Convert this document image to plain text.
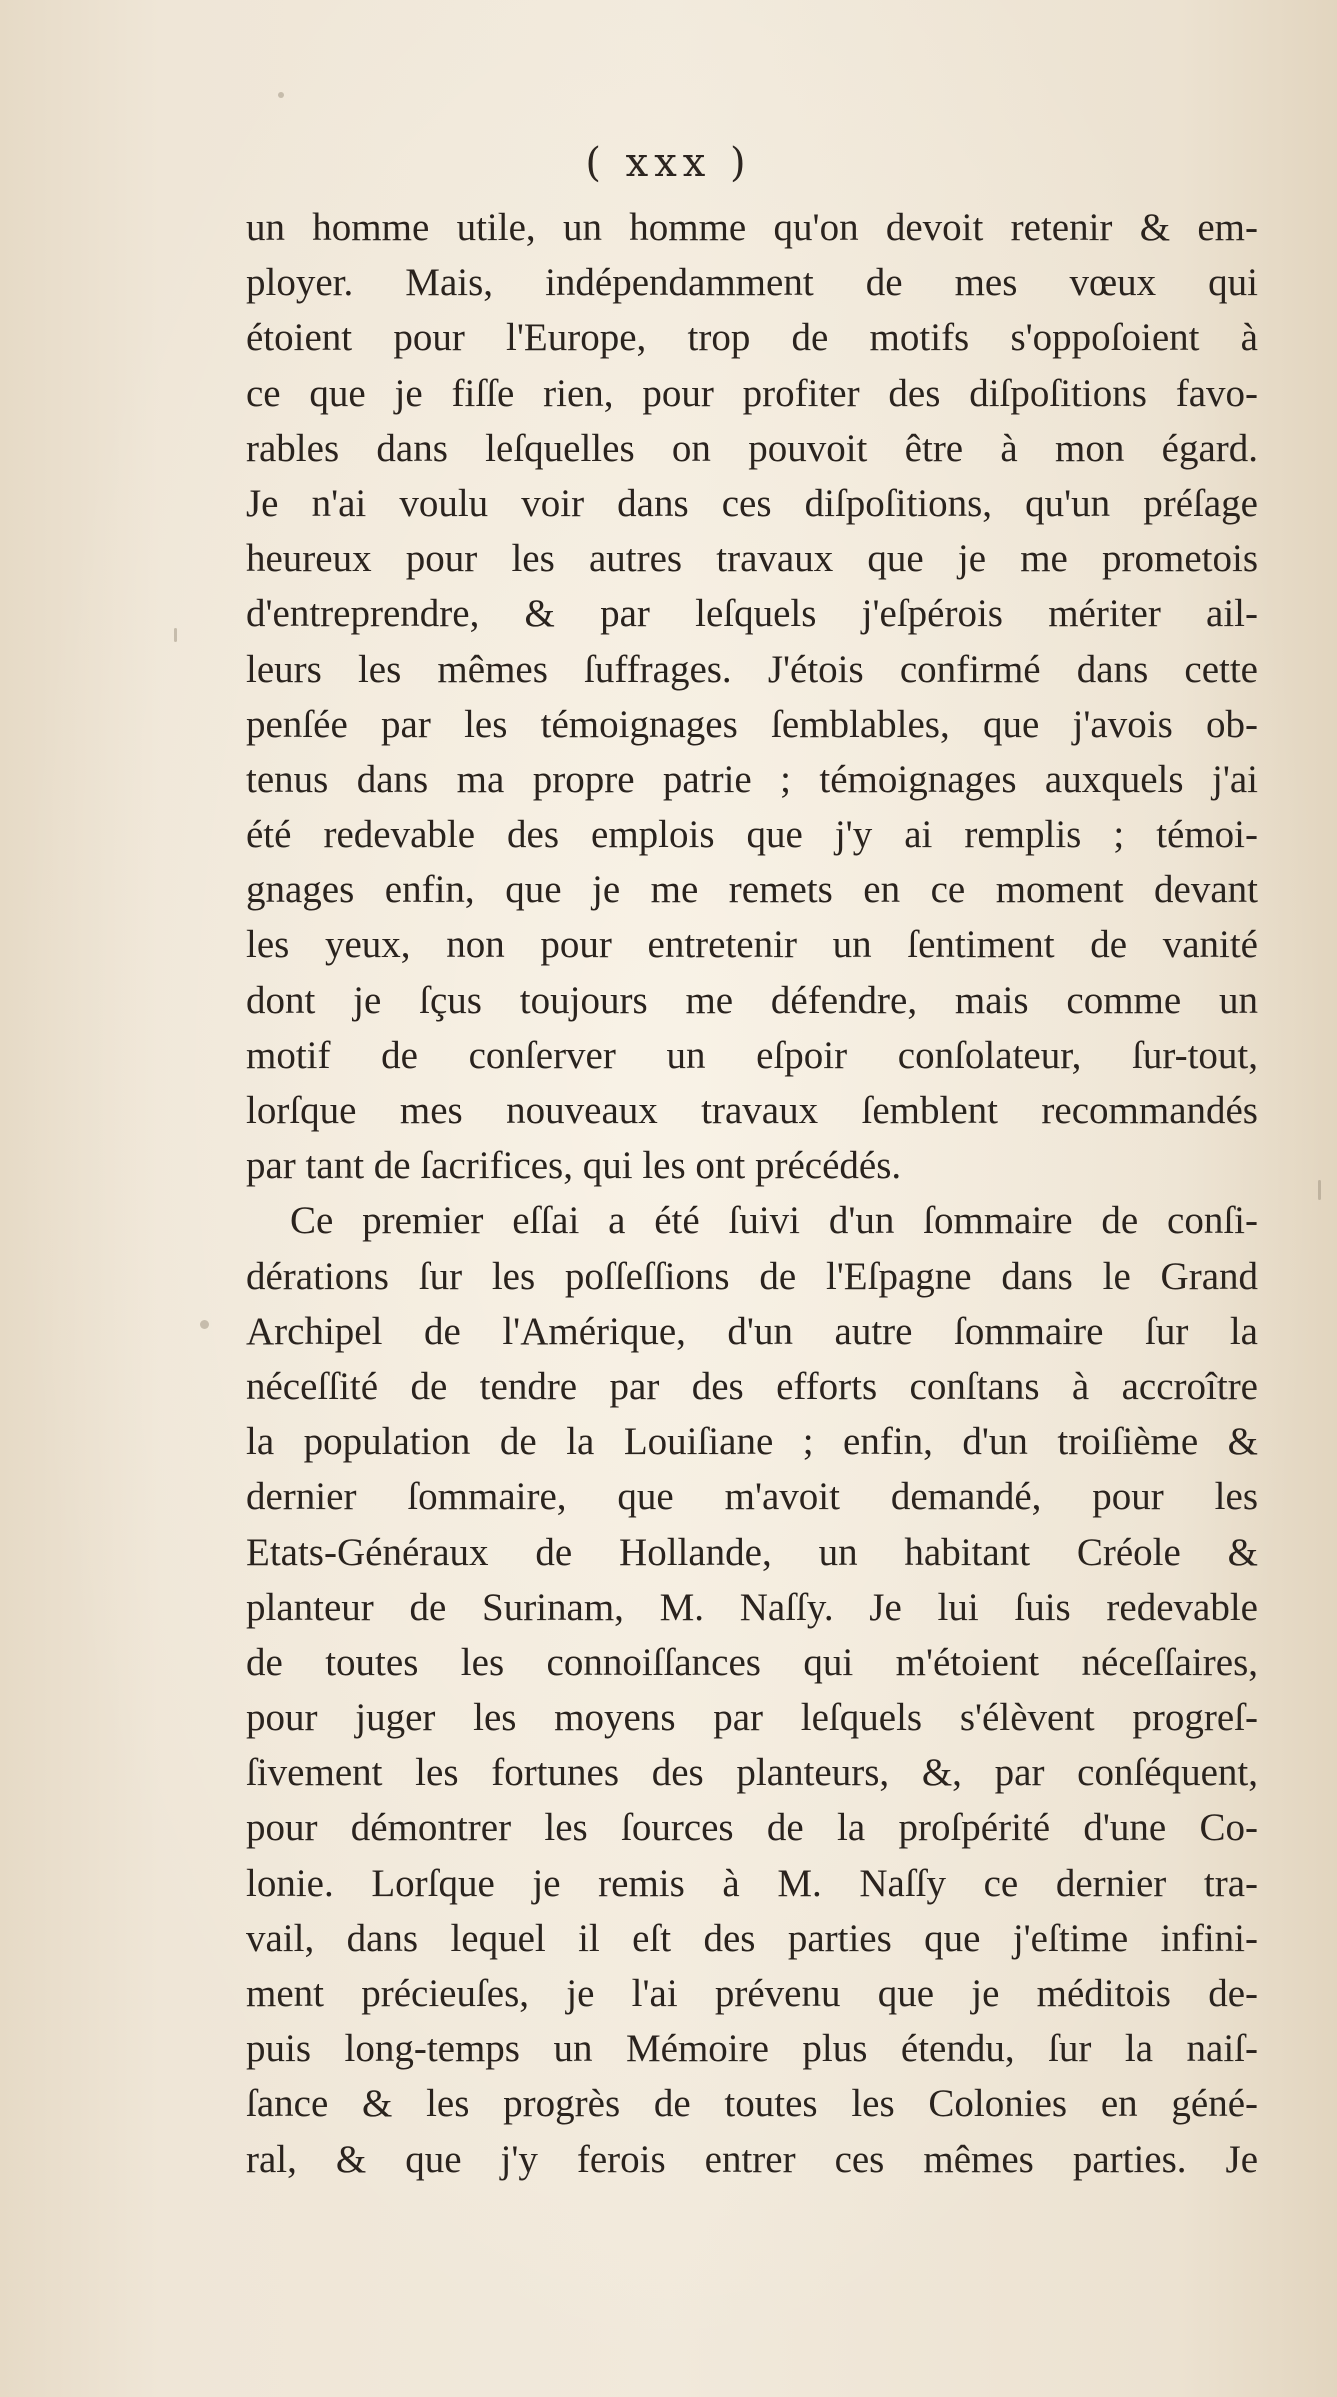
( xxx )
un homme utile, un homme qu'on devoit retenir & em-
ployer. Mais, indépendamment de mes vœux qui
étoient pour l'Europe, trop de motifs s'oppoſoient à
ce que je fiſſe rien, pour profiter des diſpoſitions favo-
rables dans leſquelles on pouvoit être à mon égard.
Je n'ai voulu voir dans ces diſpoſitions, qu'un préſage
heureux pour les autres travaux que je me prometois
d'entreprendre, & par leſquels j'eſpérois mériter ail-
leurs les mêmes ſuffrages. J'étois confirmé dans cette
penſée par les témoignages ſemblables, que j'avois ob-
tenus dans ma propre patrie ; témoignages auxquels j'ai
été redevable des emplois que j'y ai remplis ; témoi-
gnages enfin, que je me remets en ce moment devant
les yeux, non pour entretenir un ſentiment de vanité
dont je ſçus toujours me défendre, mais comme un
motif de conſerver un eſpoir conſolateur, ſur-tout,
lorſque mes nouveaux travaux ſemblent recommandés
par tant de ſacrifices, qui les ont précédés.
Ce premier eſſai a été ſuivi d'un ſommaire de conſi-
dérations ſur les poſſeſſions de l'Eſpagne dans le Grand
Archipel de l'Amérique, d'un autre ſommaire ſur la
néceſſité de tendre par des efforts conſtans à accroître
la population de la Louiſiane ; enfin, d'un troiſième &
dernier ſommaire, que m'avoit demandé, pour les
Etats-Généraux de Hollande, un habitant Créole &
planteur de Surinam, M. Naſſy. Je lui ſuis redevable
de toutes les connoiſſances qui m'étoient néceſſaires,
pour juger les moyens par leſquels s'élèvent progreſ-
ſivement les fortunes des planteurs, &, par conſéquent,
pour démontrer les ſources de la proſpérité d'une Co-
lonie. Lorſque je remis à M. Naſſy ce dernier tra-
vail, dans lequel il eſt des parties que j'eſtime infini-
ment précieuſes, je l'ai prévenu que je méditois de-
puis long-temps un Mémoire plus étendu, ſur la naiſ-
ſance & les progrès de toutes les Colonies en géné-
ral, & que j'y ferois entrer ces mêmes parties. Je
